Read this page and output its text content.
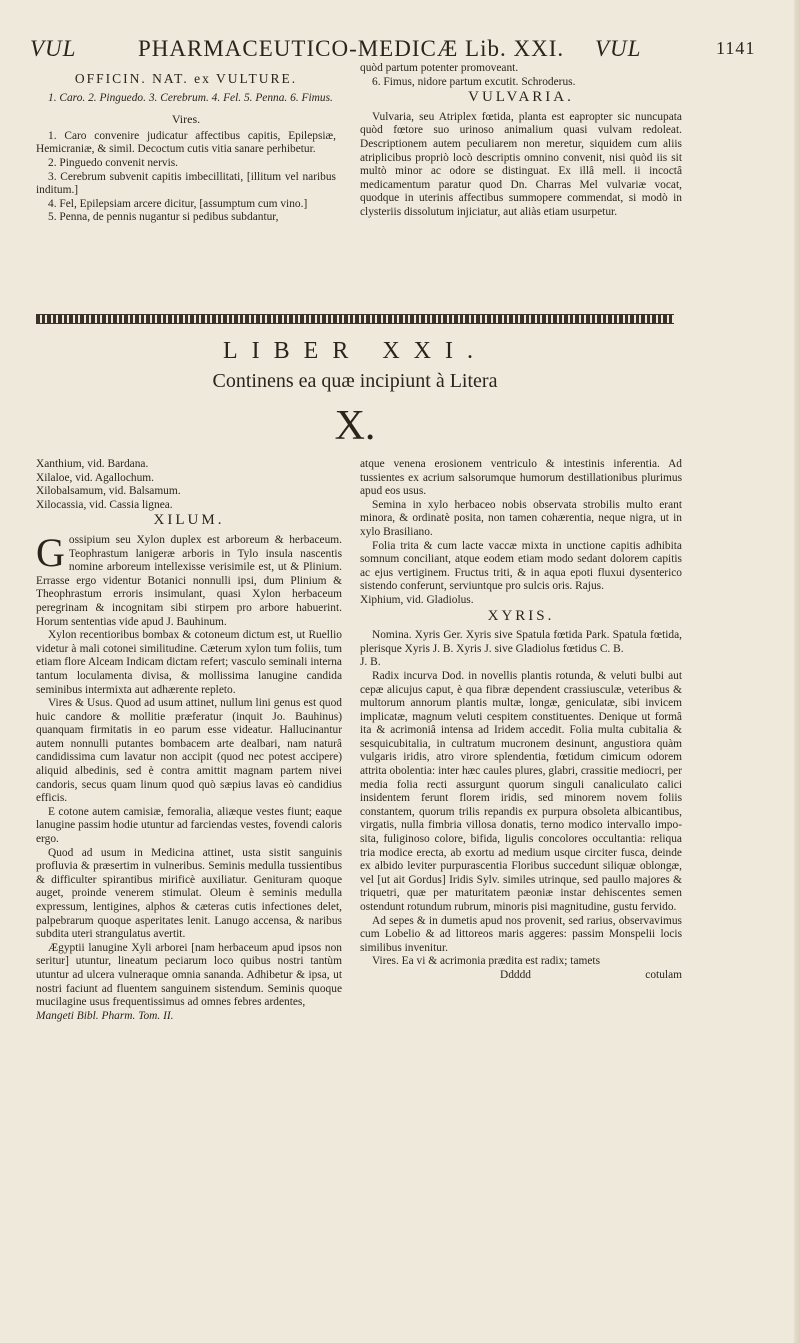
VUL	PHARMACEUTICO-MEDICÆ Lib. XXI. VUL	1141
OFFICIN. NAT. ex VULTURE.

1. Caro. 2. Pinguedo. 3. Cerebrum. 4. Fel. 5. Penna. 6. Fimus.

Vires.

1. Caro convenire judicatur affectibus capitis, Epilepsiæ, Hemicraniæ, & simil. Decoctum cutis vitia sanare perhibetur.

2. Pinguedo convenit nervis.

3. Cerebrum subvenit capitis imbecillitati, [illitum vel naribus inditum.]

4. Fel, Epilepsiam arcere dicitur, [assumptum cum vino.]

5. Penna, de pennis nugantur si pedibus subdantur,

quòd partum potenter promoveant.

6. Fimus, nidore partum excutit. Schroderus.

VULVARIA.

Vulvaria, seu Atriplex fœtida, planta est eapropter sic nuncupata quòd fœtore suo urinoso animalium quasi vulvam redoleat. Descriptionem autem peculiarem non meretur, siquidem cum aliis atriplicibus propriò locò descriptis omnino convenit, nisi quòd iis sit multò minor ac odore se distinguat. Ex illâ mell. ii incoctâ medicamentum paratur quod Dn. Charras Mel vulvariæ vocat, quodque in uterinis affectibus summopere commendat, si modò in clysteriis dissolutum injiciatur, aut aliàs etiam usurpetur.

LIBER XXI.
Continens ea quæ incipiunt à Litera
X.

Xanthium, vid. Bardana.

Xilaloe, vid. Agallochum.

Xilobalsamum, vid. Balsamum.

Xilocassia, vid. Cassia lignea.

XILUM.

Gossipium seu Xylon duplex est arboreum & herbaceum. Teophrastum lanigeræ arboris in Tylo insula nascentis nomine arboreum intellexisse verisimile est, ut & Plinium. Errasse ergo videntur Botanici nonnulli ipsi, dum Plinium & Theophrastum erroris insimulant, quasi Xylon herbaceum peregrinam & incognitam sibi stirpem pro arbore habuerint. Horum sententias vide apud J. Bauhinum.

Xylon recentioribus bombax & cotoneum dictum est, ut Ruellio videtur à mali cotonei similitudine. Cæterum xylon tum foliis, tum etiam flore Alceam Indicam dictam refert; vasculo seminali interna tantum loculamenta divisa, & mollissima lanugine candida seminibus intermixta aut adhærente repleto.

Vires & Usus. Quod ad usum attinet, nullum lini genus est quod huic candore & mollitie præferatur (inquit Jo. Bauhinus) quanquam firmitatis in eo parum esse videatur. Hallucinantur autem nonnulli putantes bombacem arte dealbari, nam naturâ candidissima cum lavatur non accipit (quod nec potest accipere) aliquid albedinis, sed è contra amittit magnam partem nivei candoris, secus quam linum quod quò sæpius lavas eò candidius efficis.

E cotone autem camisiæ, femoralia, aliæque vestes fiunt; eaque lanugine passim hodie utuntur ad farciendas vestes, fovendi caloris ergo.

Quod ad usum in Medicina attinet, usta sistit sanguinis profluvia & præsertim in vulneribus. Seminis medulla tussientibus & difficulter spirantibus mirificè auxiliatur. Genituram quoque auget, proinde venerem stimulat. Oleum è seminis medulla expressum, lentigines, alphos & cæteras cutis infectiones delet, palpebrarum quoque asperitates lenit. Lanugo accensa, & naribus subdita uteri strangulatus avertit.

Ægyptii lanugine Xyli arborei [nam herbaceum apud ipsos non seritur] utuntur, lineatum peciarum loco quibus nostri tantùm utuntur ad ulcera vulneraque omnia sananda. Adhibetur & ipsa, ut nostri faciunt ad fluentem sanguinem sistendum. Seminis quoque mucilagine usus frequentissimus ad omnes febres ardentes,

Mangeti Bibl. Pharm. Tom. II.

atque venena erosionem ventriculo & intestinis inferentia. Ad tussientes ex acrium salsorumque humorum destillationibus plurimus apud eos usus.

Semina in xylo herbaceo nobis observata strobilis multo erant minora, & ordinatè posita, non tamen cohærentia, neque nigra, ut in xylo Brasiliano.

Folia trita & cum lacte vaccæ mixta in unctione capitis adhibita somnum conciliant, atque eodem etiam modo sedant dolorem capitis ac ejus vertiginem. Fructus triti, & in aqua epoti fluxui dysenterico sistendo conferunt, serviuntque pro sulcis oris. Rajus.

Xiphium, vid. Gladiolus.

XYRIS.

Nomina. Xyris Ger. Xyris sive Spatula fœtida Park. Spatula fœtida, plerisque Xyris J. B. Xyris J. sive Gladiolus fœtidus C. B.

J. B.

Radix incurva Dod. in novellis plantis rotunda, & veluti bulbi aut cepæ alicujus caput, è qua fibræ dependent crassiusculæ, veteribus & multorum annorum plantis multæ, longæ, geniculatæ, sibi invicem implicatæ, magnum veluti cespitem constituentes. Denique ut formâ ita & acrimoniâ intensa ad Iridem accedit. Folia multa cubitalia & sesquicubitalia, in cultratum mucronem desinunt, angustiora quàm vulgaris iridis, atro virore splendentia, fœtidum cimicum odorem attrita obolentia: inter hæc caules plures, glabri, crassitie mediocri, per media folia recti assurgunt quorum singuli canaliculato calici insidentem ferunt florem iridis, sed minorem novem foliis constantem, quorum trilis repandis ex purpura obsoleta albicantibus, virgatis, nulla fimbria villosa donatis, terno modico intervallo impo- sita, fuliginoso colore, bifida, ligulis concolores occultantia: reliqua tria modice erecta, ab exortu ad medium usque circiter fusca, deinde ex albido leviter purpurascentia Floribus succedunt siliquæ oblongæ, vel [ut ait Gordus] Iridis Sylv. similes utrinque, sed paullo majores & triquetri, quæ per maturitatem pæoniæ instar dehiscentes semen ostendunt rotundum rubrum, minoris pisi magnitudine, gustu fervido.

Ad sepes & in dumetis apud nos provenit, sed rarius, observavimus cum Lobelio & ad littoreos maris aggeres: passim Monspelii locis similibus invenitur.

Vires. Ea vi & acrimonia prædita est radix; tamets

Ddddd	cotulam
